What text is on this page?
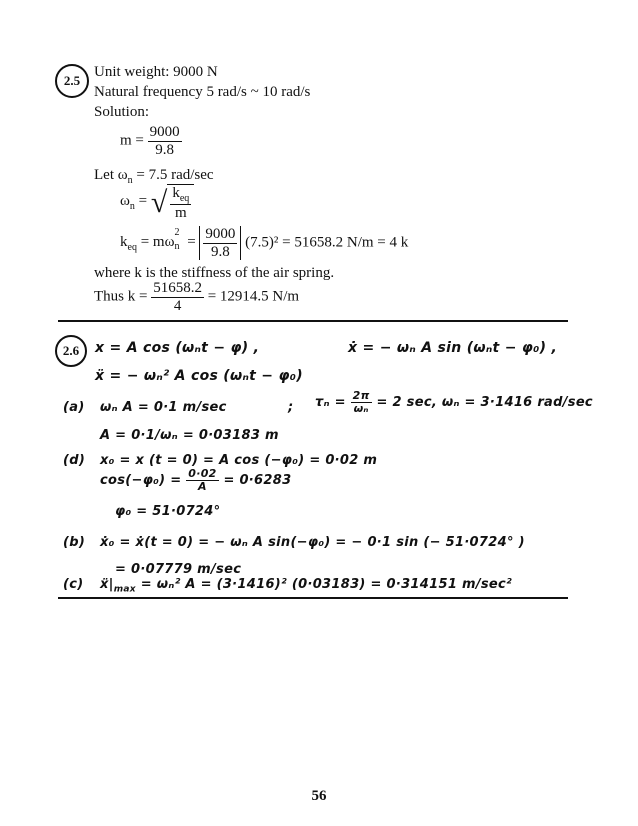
2.5
Unit weight: 9000 N
Natural frequency 5 rad/s ~ 10 rad/s
Solution:
$m = \frac{9000}{9.8}$
Let $\omega_n = 7.5$ rad/sec
$\omega_n$ = √ $\frac{k_{eq}}{m}$
$k_{eq} = m\omega$
2
$n = \frac{9000}{9.8} (7.5)^2 = 51658.2$ N/m = 4 k
where k is the stiffness of the air spring.
Thus $k = \frac{51658.2}{4} = 12914.5$ N/m
2.6	x = A cos (ωₙt − φ) ,	ẋ = − ωₙ A sin (ωₙt − φ₀) ,
ẍ = − ωₙ² A cos (ωₙt − φ₀)
(a) ωₙ A = 0·1 m/sec	; $\tau_n = \frac{2\pi}{\text{ωₙ}} = 2$ sec, ωₙ = 3·1416 rad/sec
A = 0·1/ωₙ = 0·03183 m
(d) x₀ = x (t = 0) = A cos (−φ₀) = 0·02 m
$\cos(-\varphi_0) = \frac{0\cdot 02}{A} = 0\cdot 6283$
φ₀ = 51·0724°
(b) ẋ₀ = ẋ(t = 0) = − ωₙ A sin(−φ₀) = − 0·1 sin (− 51·0724° )
= 0·07779 m/sec
(c) $ẍ|_{max} = \omega_n^2$ A = (3·1416)² (0·03183) = 0·314151 m/sec²
56
